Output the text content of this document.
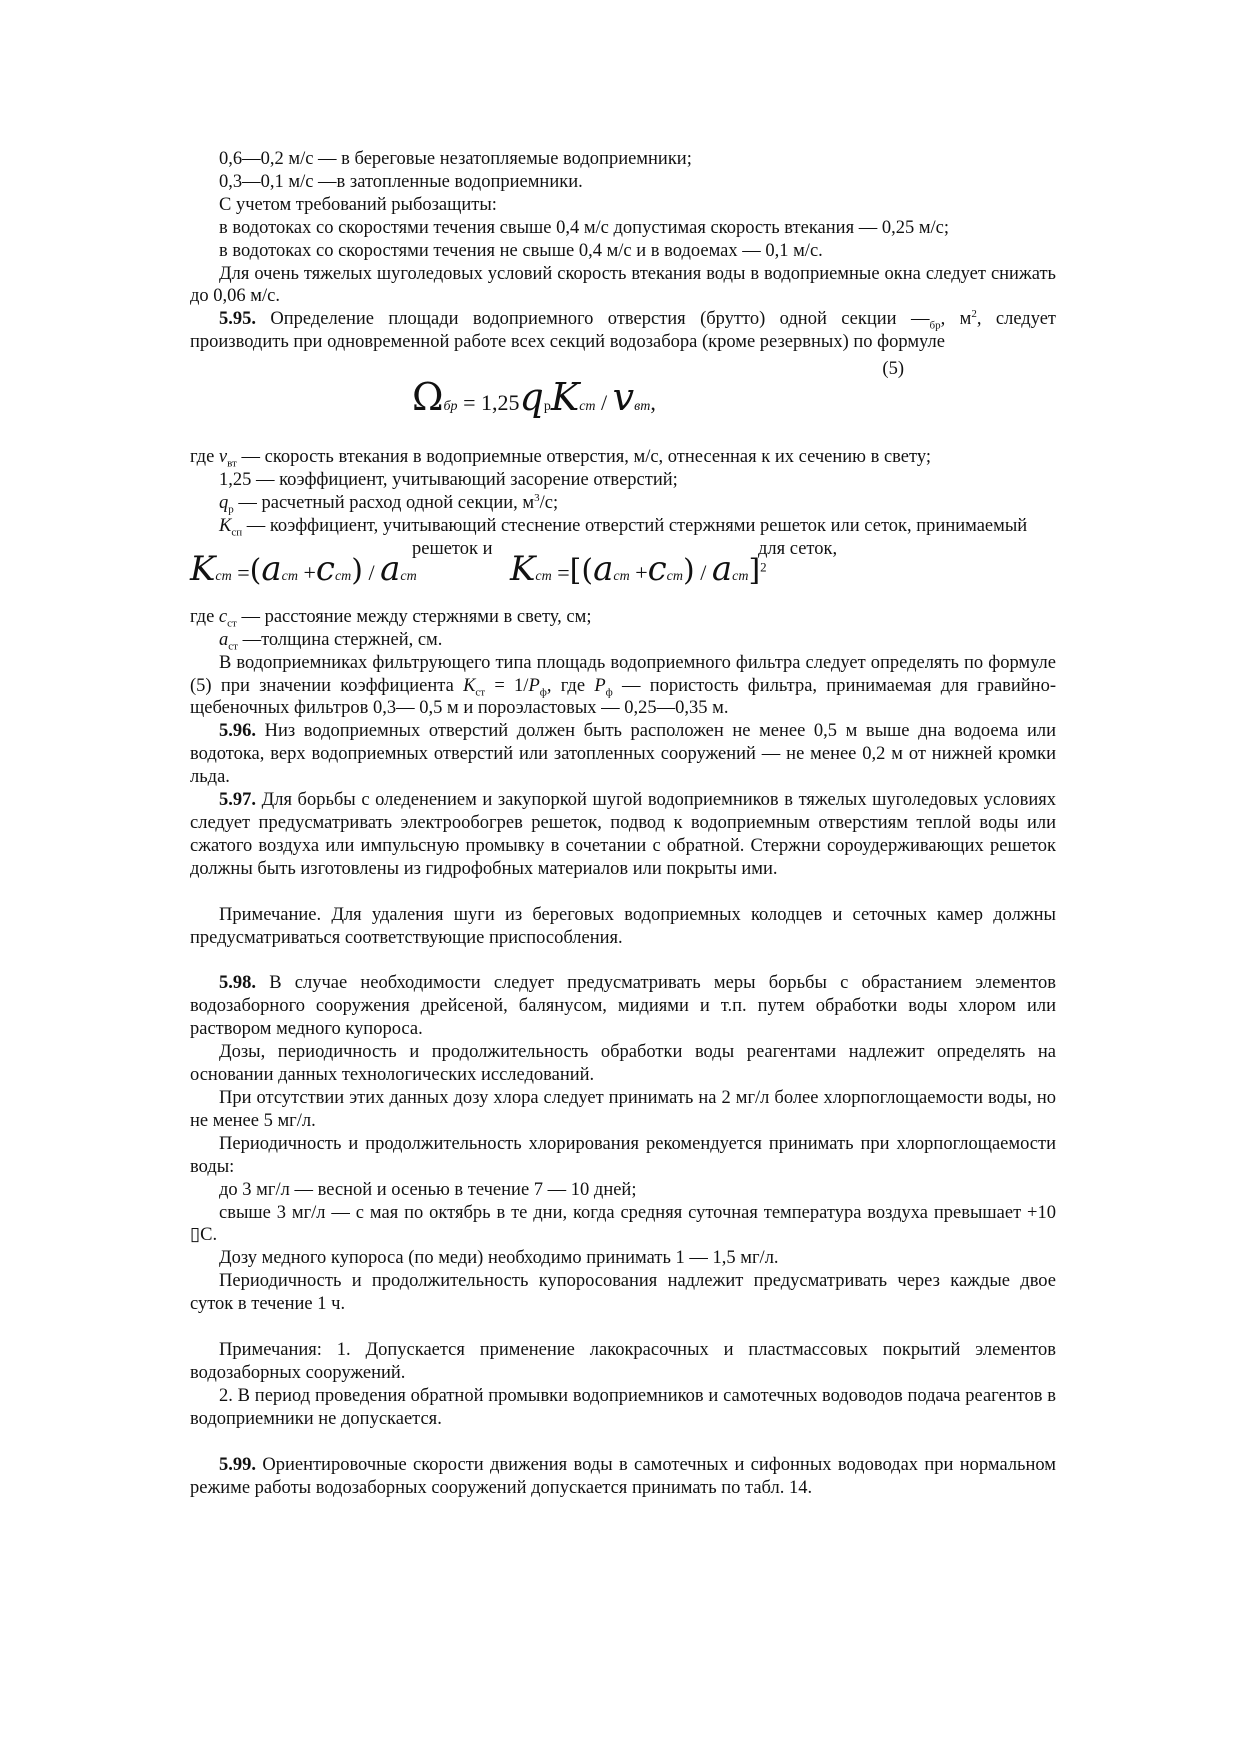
0,6—0,2 м/с — в береговые незатопляемые водоприемники;

0,3—0,1 м/с —в затопленные водоприемники.

С учетом требований рыбозащиты:

в водотоках со скоростями течения свыше 0,4 м/с допустимая скорость втекания — 0,25 м/с;

в водотоках со скоростями течения не свыше 0,4 м/с и в водоемах — 0,1 м/с.

Для очень тяжелых шуголедовых условий скорость втекания воды в водоприемные окна следует снижать до 0,06 м/с.

5.95. Определение площади водоприемного отверстия (брутто) одной секции $—_{бр}$, $м^2$, следует производить при одновременной работе всех секций водозабора (кроме резервных) по формуле

(5)
Ωбр = 1,25qрKст / vвт,

где $v_{вт}$ — скорость втекания в водоприемные отверстия, м/с, отнесенная к их сечению в свету;

1,25 — коэффициент, учитывающий засорение отверстий;

$q_р$ — расчетный расход одной секции, $м^3/с$;

$K_{сп}$ — коэффициент, учитывающий стеснение отверстий стержнями решеток или сеток, принимаемый

решеток и	для сеток,
Kст =(aст +cст) / aст	Kст =[(aст +cст) / aст]$^2$

где $c_{ст}$ — расстояние между стержнями в свету, см;

$a_{ст}$ —толщина стержней, см.

В водоприемниках фильтрующего типа площадь водоприемного фильтра следует определять по формуле (5) при значении коэффициента $K_{ст} = 1/P_ф$, где $P_ф$ — пористость фильтра, принимаемая для гравийно-щебеночных фильтров 0,3— 0,5 м и пороэластовых — 0,25—0,35 м.

5.96. Низ водоприемных отверстий должен быть расположен не менее 0,5 м выше дна водоема или водотока, верх водоприемных отверстий или затопленных сооружений — не менее 0,2 м от нижней кромки льда.

5.97. Для борьбы с оледенением и закупоркой шугой водоприемников в тяжелых шуголедовых условиях следует предусматривать электрообогрев решеток, подвод к водоприемным отверстиям теплой воды или сжатого воздуха или импульсную промывку в сочетании с обратной. Стержни сороудерживающих решеток должны быть изготовлены из гидрофобных материалов или покрыты ими.

Примечание. Для удаления шуги из береговых водоприемных колодцев и сеточных камер должны предусматриваться соответствующие приспособления.

5.98. В случае необходимости следует предусматривать меры борьбы с обрастанием элементов водозаборного сооружения дрейсеной, балянусом, мидиями и т.п. путем обработки воды хлором или раствором медного купороса.

Дозы, периодичность и продолжительность обработки воды реагентами надлежит определять на основании данных технологических исследований.

При отсутствии этих данных дозу хлора следует принимать на 2 мг/л более хлорпоглощаемости воды, но не менее 5 мг/л.

Периодичность и продолжительность хлорирования рекомендуется принимать при хлорпоглощаемости воды:

до 3 мг/л — весной и осенью в течение 7 — 10 дней;

свыше 3 мг/л — с мая по октябрь в те дни, когда средняя суточная температура воздуха превышает +10 ▯С.

Дозу медного купороса (по меди) необходимо принимать 1 — 1,5 мг/л.

Периодичность и продолжительность купоросования надлежит предусматривать через каждые двое суток в течение 1 ч.

Примечания: 1. Допускается применение лакокрасочных и пластмассовых покрытий элементов водозаборных сооружений.

2. В период проведения обратной промывки водоприемников и самотечных водоводов подача реагентов в водоприемники не допускается.

5.99. Ориентировочные скорости движения воды в самотечных и сифонных водоводах при нормальном режиме работы водозаборных сооружений допускается принимать по табл. 14.
